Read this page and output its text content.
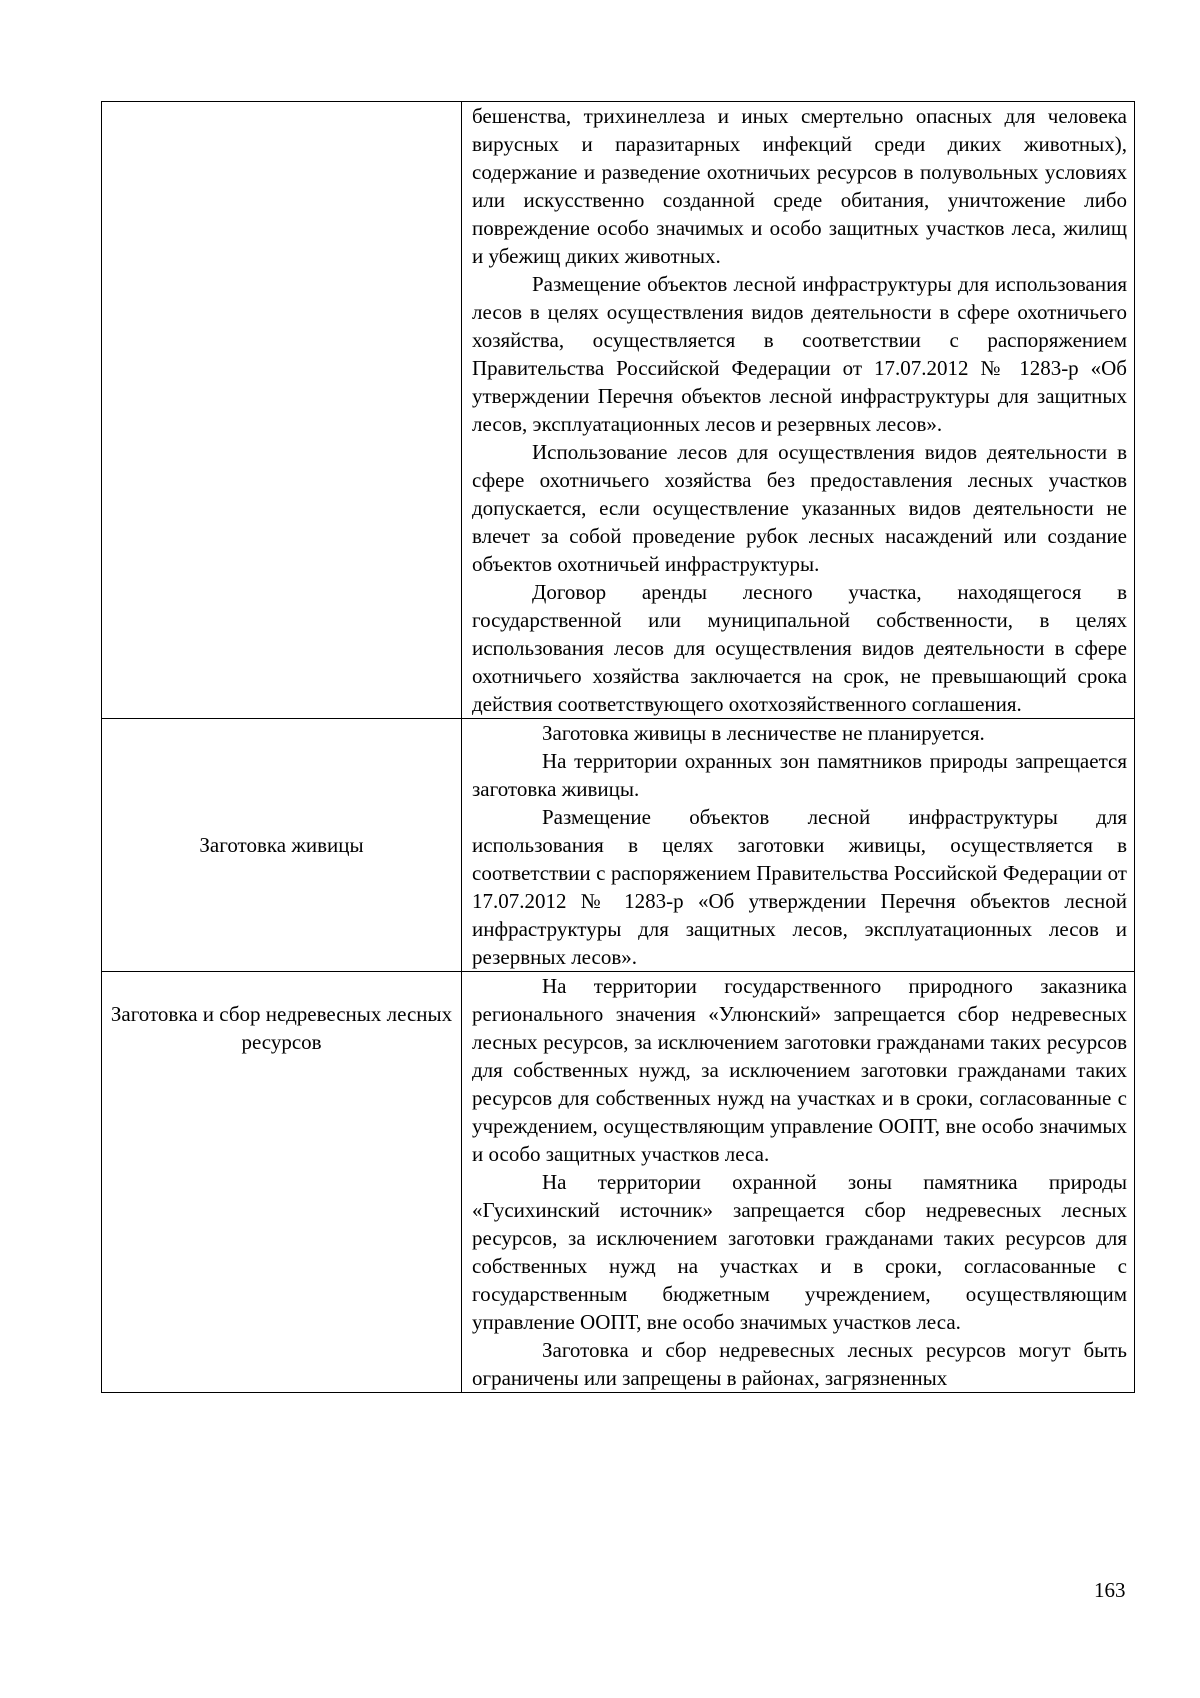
	бешенства, трихинеллеза и иных смертельно опасных для человека вирусных и паразитарных инфекций среди диких животных), содержание и разведение охотничьих ресурсов в полувольных условиях или искусственно созданной среде обитания, уничтожение либо повреждение особо значимых и особо защитных участков леса, жилищ и убежищ диких животных.

Размещение объектов лесной инфраструктуры для использования лесов в целях осуществления видов деятельности в сфере охотничьего хозяйства, осуществляется в соответствии с распоряжением Правительства Российской Федерации от 17.07.2012 № 1283-р «Об утверждении Перечня объектов лесной инфраструктуры для защитных лесов, эксплуатационных лесов и резервных лесов».

Использование лесов для осуществления видов деятельности в сфере охотничьего хозяйства без предоставления лесных участков допускается, если осуществление указанных видов деятельности не влечет за собой проведение рубок лесных насаждений или создание объектов охотничьей инфраструктуры.

Договор аренды лесного участка, находящегося в государственной или муниципальной собственности, в целях использования лесов для осуществления видов деятельности в сфере охотничьего хозяйства заключается на срок, не превышающий срока действия соответствующего охотхозяйственного соглашения.

Заготовка живицы	Заготовка живицы в лесничестве не планируется.

На территории охранных зон памятников природы запрещается заготовка живицы.

Размещение объектов лесной инфраструктуры для использования в целях заготовки живицы, осуществляется в соответствии с распоряжением Правительства Российской Федерации от 17.07.2012 № 1283-р «Об утверждении Перечня объектов лесной инфраструктуры для защитных лесов, эксплуатационных лесов и резервных лесов».

Заготовка и сбор недревесных лесных ресурсов	На территории государственного природного заказника регионального значения «Улюнский» запрещается сбор недревесных лесных ресурсов, за исключением заготовки гражданами таких ресурсов для собственных нужд, за исключением заготовки гражданами таких ресурсов для собственных нужд на участках и в сроки, согласованные с учреждением, осуществляющим управление ООПТ, вне особо значимых и особо защитных участков леса.

На территории охранной зоны памятника природы «Гусихинский источник» запрещается сбор недревесных лесных ресурсов, за исключением заготовки гражданами таких ресурсов для собственных нужд на участках и в сроки, согласованные с государственным бюджетным учреждением, осуществляющим управление ООПТ, вне особо значимых участков леса.

Заготовка и сбор недревесных лесных ресурсов могут быть ограничены или запрещены в районах, загрязненных

163
